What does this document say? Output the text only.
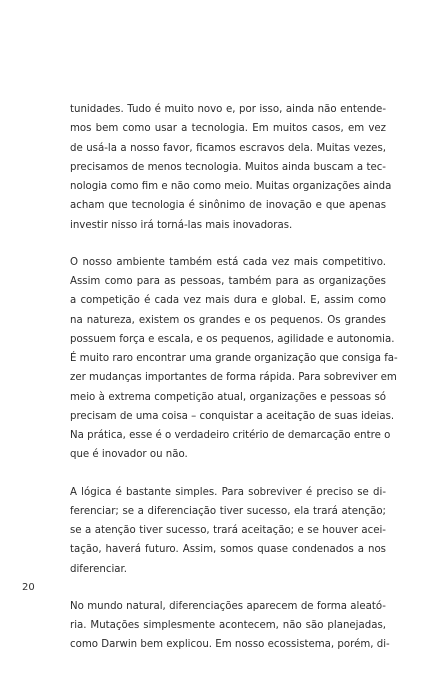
tunidades. Tudo é muito novo e, por isso, ainda não entende-
mos bem como usar a tecnologia. Em muitos casos, em vez
de usá-la a nosso favor, ficamos escravos dela. Muitas vezes,
precisamos de menos tecnologia. Muitos ainda buscam a tec-
nologia como fim e não como meio. Muitas organizações ainda
acham que tecnologia é sinônimo de inovação e que apenas
investir nisso irá torná-las mais inovadoras.

O nosso ambiente também está cada vez mais competitivo.
Assim como para as pessoas, também para as organizações
a competição é cada vez mais dura e global. E, assim como
na natureza, existem os grandes e os pequenos. Os grandes
possuem força e escala, e os pequenos, agilidade e autonomia.
É muito raro encontrar uma grande organização que consiga fa-
zer mudanças importantes de forma rápida. Para sobreviver em
meio à extrema competição atual, organizações e pessoas só
precisam de uma coisa – conquistar a aceitação de suas ideias.
Na prática, esse é o verdadeiro critério de demarcação entre o
que é inovador ou não.

A lógica é bastante simples. Para sobreviver é preciso se di-
ferenciar; se a diferenciação tiver sucesso, ela trará atenção;
se a atenção tiver sucesso, trará aceitação; e se houver acei-
tação, haverá futuro. Assim, somos quase condenados a nos
diferenciar.

No mundo natural, diferenciações aparecem de forma aleató-
ria. Mutações simplesmente acontecem, não são planejadas,
como Darwin bem explicou. Em nosso ecossistema, porém, di-

20
